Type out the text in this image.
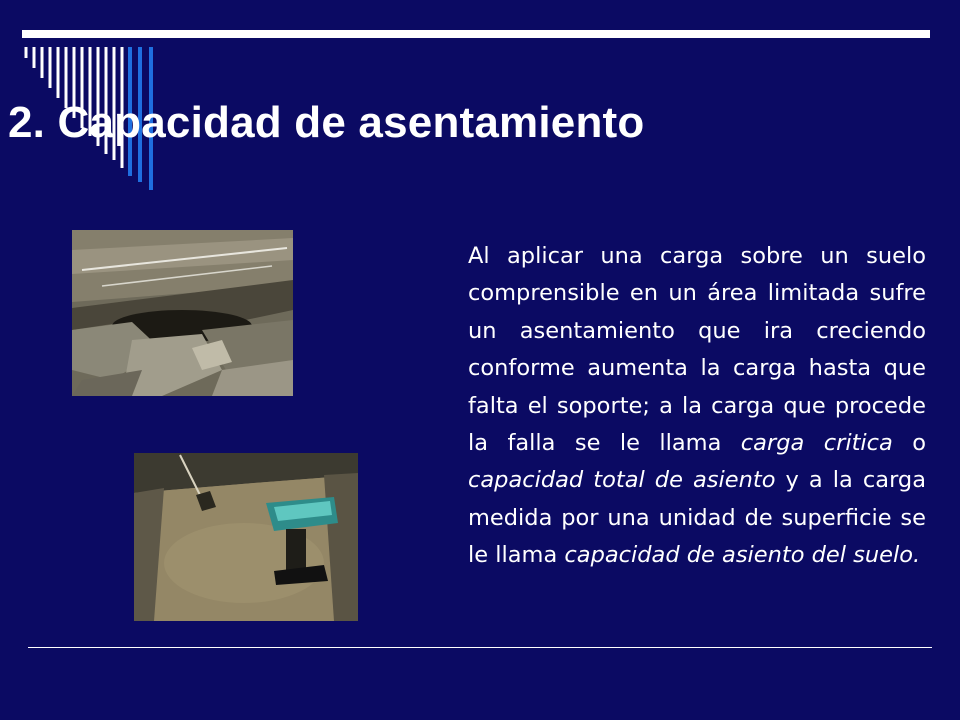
2. Capacidad de asentamiento

Al aplicar una carga sobre un suelo comprensible en un área limitada sufre un asentamiento que ira creciendo conforme aumenta la carga hasta que falta el soporte; a la carga que procede la falla se le llama carga critica o capacidad total de asiento y a la carga medida por una unidad de superficie se le llama capacidad de asiento del suelo.
